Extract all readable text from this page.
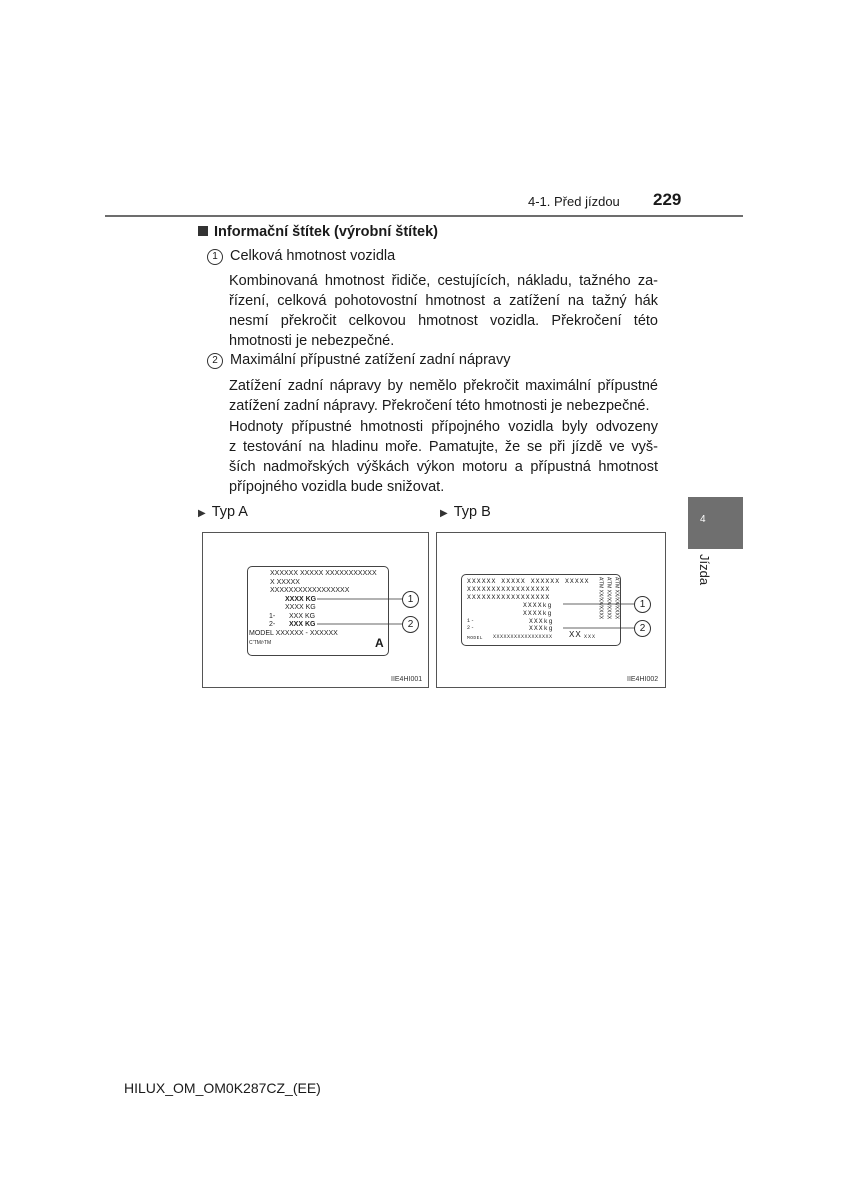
4-1. Před jízdou 229
4
Jízda
Informační štítek (výrobní štítek)
1 Celková hmotnost vozidla
Kombinovaná hmotnost řidiče, cestujících, nákladu, tažného za-
řízení, celková pohotovostní hmotnost a zatížení na tažný hák
nesmí překročit celkovou hmotnost vozidla. Překročení této
hmotnosti je nebezpečné.
2 Maximální přípustné zatížení zadní nápravy
Zatížení zadní nápravy by nemělo překročit maximální přípustné
zatížení zadní nápravy. Překročení této hmotnosti je nebezpečné.
Hodnoty přípustné hmotnosti přípojného vozidla byly odvozeny
z testování na hladinu moře. Pamatujte, že se při jízdě ve vyš-
ších nadmořských výškách výkon motoru a přípustná hmotnost
přípojného vozidla bude snižovat.
▶ Typ A	▶ Typ B
XXXXXX XXXXX XXXXXXXXXXX
X XXXXX
XXXXXXXXXXXXXXXXX
XXXX KG
XXXX KG
1- XXX KG
2- XXX KG
MODEL XXXXXX - XXXXXX
C’TM/ʸTM	A
1
2
IIE4HI001
XXXXXX XXXXX XXXXXX XXXXX
XXXXXXXXXXXXXXXXX
XXXXXXXXXXXXXXXXX
XXXXkg
XXXXkg
1-	XXXkg
2-	XXXkg
MODEL XXXXXXXXXXXXXXXXX XX XXX
A’TM XX/XX/XXXX
A’TM XX/XX/XXXX
A’TM XX/XX/XXXX	1
2
IIE4HI002
HILUX_OM_OM0K287CZ_(EE)
